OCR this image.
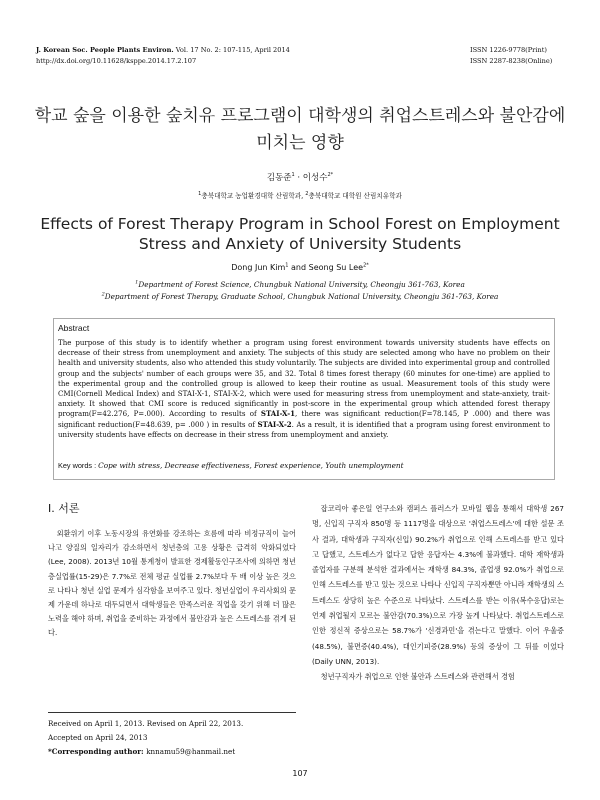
J. Korean Soc. People Plants Environ. Vol. 17 No. 2: 107-115, April 2014
http://dx.doi.org/10.11628/ksppe.2014.17.2.107
ISSN 1226-9778(Print)
ISSN 2287-8238(Online)
학교 숲을 이용한 숲치유 프로그램이 대학생의 취업스트레스와 불안감에
미치는 영향
김동준$^1$ · 이성수$^{2*}$
$^1$충북대학교 농업환경대학 산림학과, $^2$충북대학교 대학원 산림치유학과
Effects of Forest Therapy Program in School Forest on Employment
Stress and Anxiety of University Students
Dong Jun Kim$^1$ and Seong Su Lee$^{2*}$
$^1$Department of Forest Science, Chungbuk National University, Cheongju 361-763, Korea
$^2$Department of Forest Therapy, Graduate School, Chungbuk National University, Cheongju 361-763, Korea
Abstract
The purpose of this study is to identify whether a program using forest environment towards university students have effects on decrease of their stress from unemployment and anxiety. The subjects of this study are selected among who have no problem on their health and university students, also who attended this study voluntarily. The subjects are divided into experimental group and controlled group and the subjects' number of each groups were 35, and 32. Total 8 times forest therapy (60 minutes for one-time) are applied to the experimental group and the controlled group is allowed to keep their routine as usual. Measurement tools of this study were CMI(Cornell Medical Index) and STAI-X-1, STAI-X-2, which were used for measuring stress from unemployment and state-anxiety, trait-anxiety. It showed that CMI score is reduced significantly in post-score in the experimental group which attended forest therapy program(F=42.276, P=.000). According to results of STAI-X-1, there was significant reduction(F=78.145, P .000) and there was significant reduction(F=48.639, p= .000 ) in results of STAI-X-2. As a result, it is identified that a program using forest environment to university students have effects on decrease in their stress from unemployment and anxiety.
Key words : Cope with stress, Decrease effectiveness, Forest experience, Youth unemployment
Ⅰ. 서론
외환위기 이후 노동시장의 유연화를 강조하는 흐름에 따라 비정규직이 늘어나고 양질의 일자리가 감소하면서 청년층의 고용 상황은 급격히 악화되었다(Lee, 2008). 2013년 10월 통계청이 발표한 경제활동인구조사에 의하면 청년층실업률(15-29)은 7.7%로 전체 평균 실업률 2.7%보다 두 배 이상 높은 것으로 나타나 청년 실업 문제가 심각함을 보여주고 있다. 청년실업이 우리사회의 문제 가운데 하나로 대두되면서 대학생들은 만족스러운 직업을 갖기 위해 더 많은 노력을 해야 하며, 취업을 준비하는 과정에서 불안감과 높은 스트레스를 겪게 된다.

잡코리아 좋은일 연구소와 캠퍼스 플러스가 모바일 웹을 통해서 대학생 267명, 신입직 구직자 850명 등 1117명을 대상으로 '취업스트레스'에 대한 설문 조사 결과, 대학생과 구직자(신입) 90.2%가 취업으로 인해 스트레스를 받고 있다고 답했고, 스트레스가 없다고 답한 응답자는 4.3%에 불과했다. 대학 재학생과 졸업자를 구분해 분석한 결과에서는 재학생 84.3%, 졸업생 92.0%가 취업으로 인해 스트레스를 받고 있는 것으로 나타나 신입직 구직자뿐만 아니라 재학생의 스트레스도 상당히 높은 수준으로 나타났다. 스트레스를 받는 이유(복수응답)로는 언제 취업될지 모르는 불안감(70.3%)으로 가장 높게 나타났다. 취업스트레스로 인한 정신적 증상으로는 58.7%가 '신경과민'을 겪는다고 말했다. 이어 우울증(48.5%), 불면증(40.4%), 대인기피증(28.9%) 등의 증상이 그 뒤를 이었다 (Daily UNN, 2013).

청년구직자가 취업으로 인한 불안과 스트레스와 관련해서 경험

Received on April 1, 2013. Revised on April 22, 2013.
Accepted on April 24, 2013
*Corresponding author: knnamu59@hanmail.net
107
